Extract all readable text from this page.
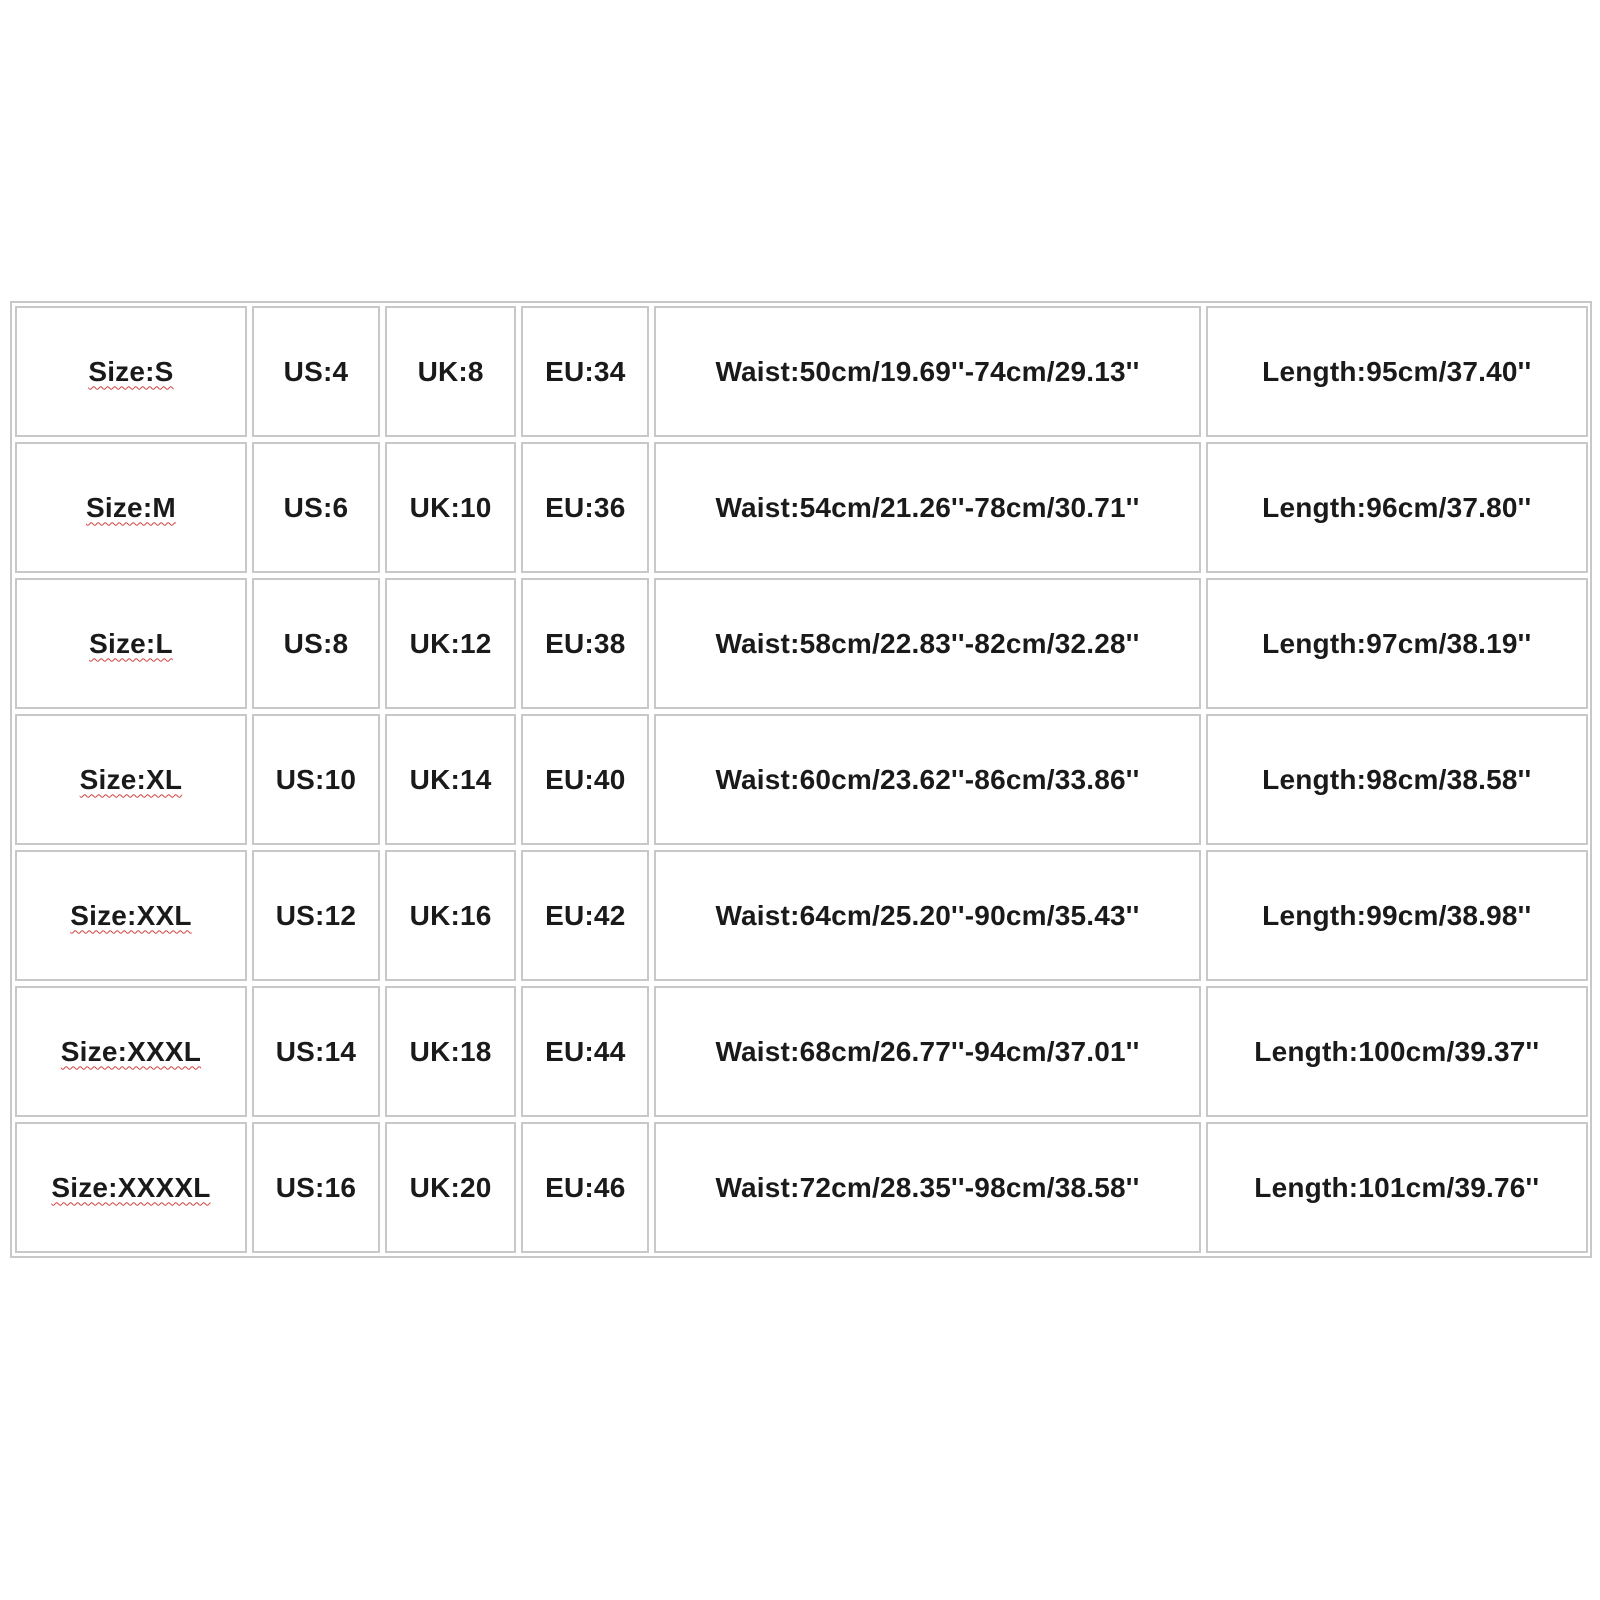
Size:S	US:4	UK:8	EU:34	Waist:50cm/19.69''-74cm/29.13''	Length:95cm/37.40''
Size:M	US:6	UK:10	EU:36	Waist:54cm/21.26''-78cm/30.71''	Length:96cm/37.80''
Size:L	US:8	UK:12	EU:38	Waist:58cm/22.83''-82cm/32.28''	Length:97cm/38.19''
Size:XL	US:10	UK:14	EU:40	Waist:60cm/23.62''-86cm/33.86''	Length:98cm/38.58''
Size:XXL	US:12	UK:16	EU:42	Waist:64cm/25.20''-90cm/35.43''	Length:99cm/38.98''
Size:XXXL	US:14	UK:18	EU:44	Waist:68cm/26.77''-94cm/37.01''	Length:100cm/39.37''
Size:XXXXL	US:16	UK:20	EU:46	Waist:72cm/28.35''-98cm/38.58''	Length:101cm/39.76''
